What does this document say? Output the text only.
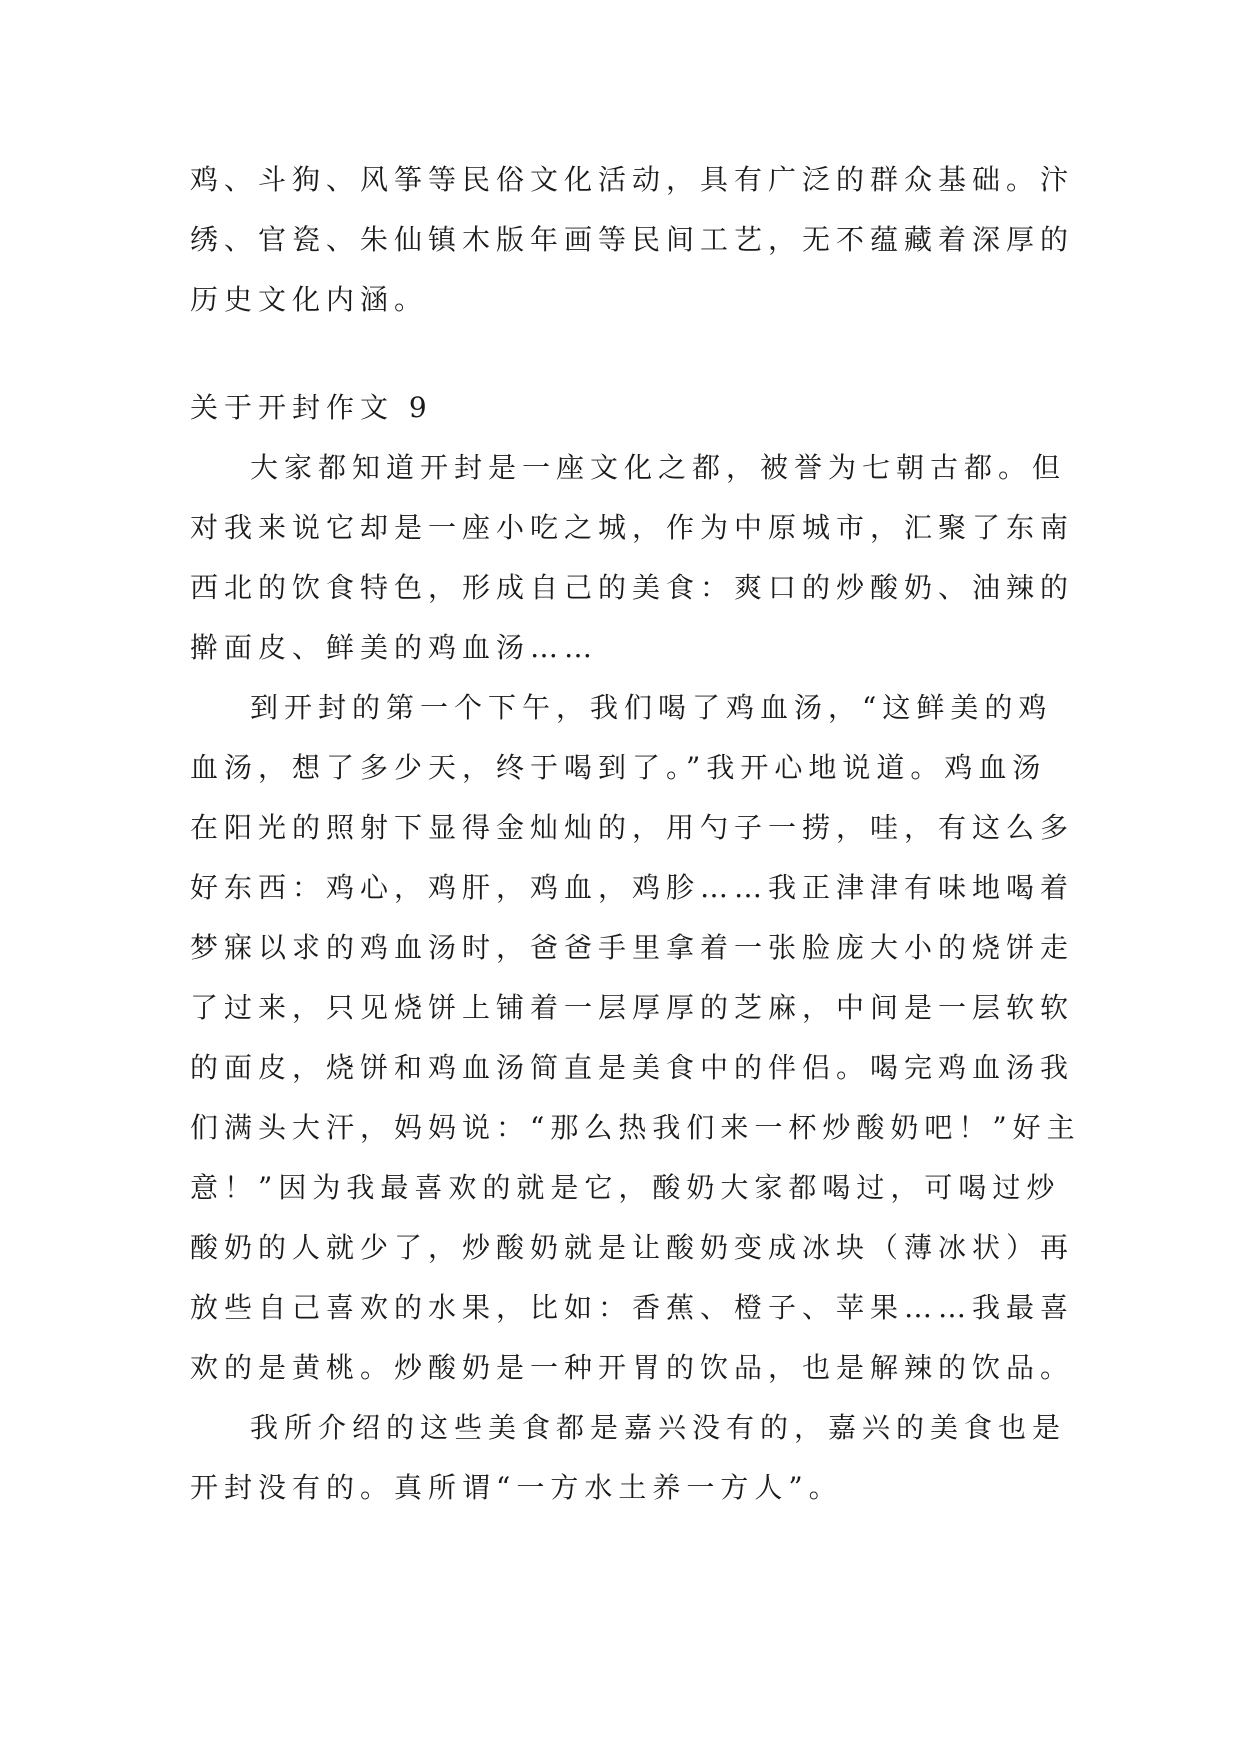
鸡、斗狗、风筝等民俗文化活动，具有广泛的群众基础。汴
绣、官瓷、朱仙镇木版年画等民间工艺，无不蕴藏着深厚的
历史文化内涵。
关于开封作文 9
大家都知道开封是一座文化之都，被誉为七朝古都。但
对我来说它却是一座小吃之城，作为中原城市，汇聚了东南
西北的饮食特色，形成自己的美食：爽口的炒酸奶、油辣的
擀面皮、鲜美的鸡血汤……
到开封的第一个下午，我们喝了鸡血汤，“这鲜美的鸡
血汤，想了多少天，终于喝到了。”我开心地说道。鸡血汤
在阳光的照射下显得金灿灿的，用勺子一捞，哇，有这么多
好东西：鸡心，鸡肝，鸡血，鸡胗……我正津津有味地喝着
梦寐以求的鸡血汤时，爸爸手里拿着一张脸庞大小的烧饼走
了过来，只见烧饼上铺着一层厚厚的芝麻，中间是一层软软
的面皮，烧饼和鸡血汤简直是美食中的伴侣。喝完鸡血汤我
们满头大汗，妈妈说：“那么热我们来一杯炒酸奶吧！”好主
意！”因为我最喜欢的就是它，酸奶大家都喝过，可喝过炒
酸奶的人就少了，炒酸奶就是让酸奶变成冰块（薄冰状）再
放些自己喜欢的水果，比如：香蕉、橙子、苹果……我最喜
欢的是黄桃。炒酸奶是一种开胃的饮品，也是解辣的饮品。
我所介绍的这些美食都是嘉兴没有的，嘉兴的美食也是
开封没有的。真所谓“一方水土养一方人”。
